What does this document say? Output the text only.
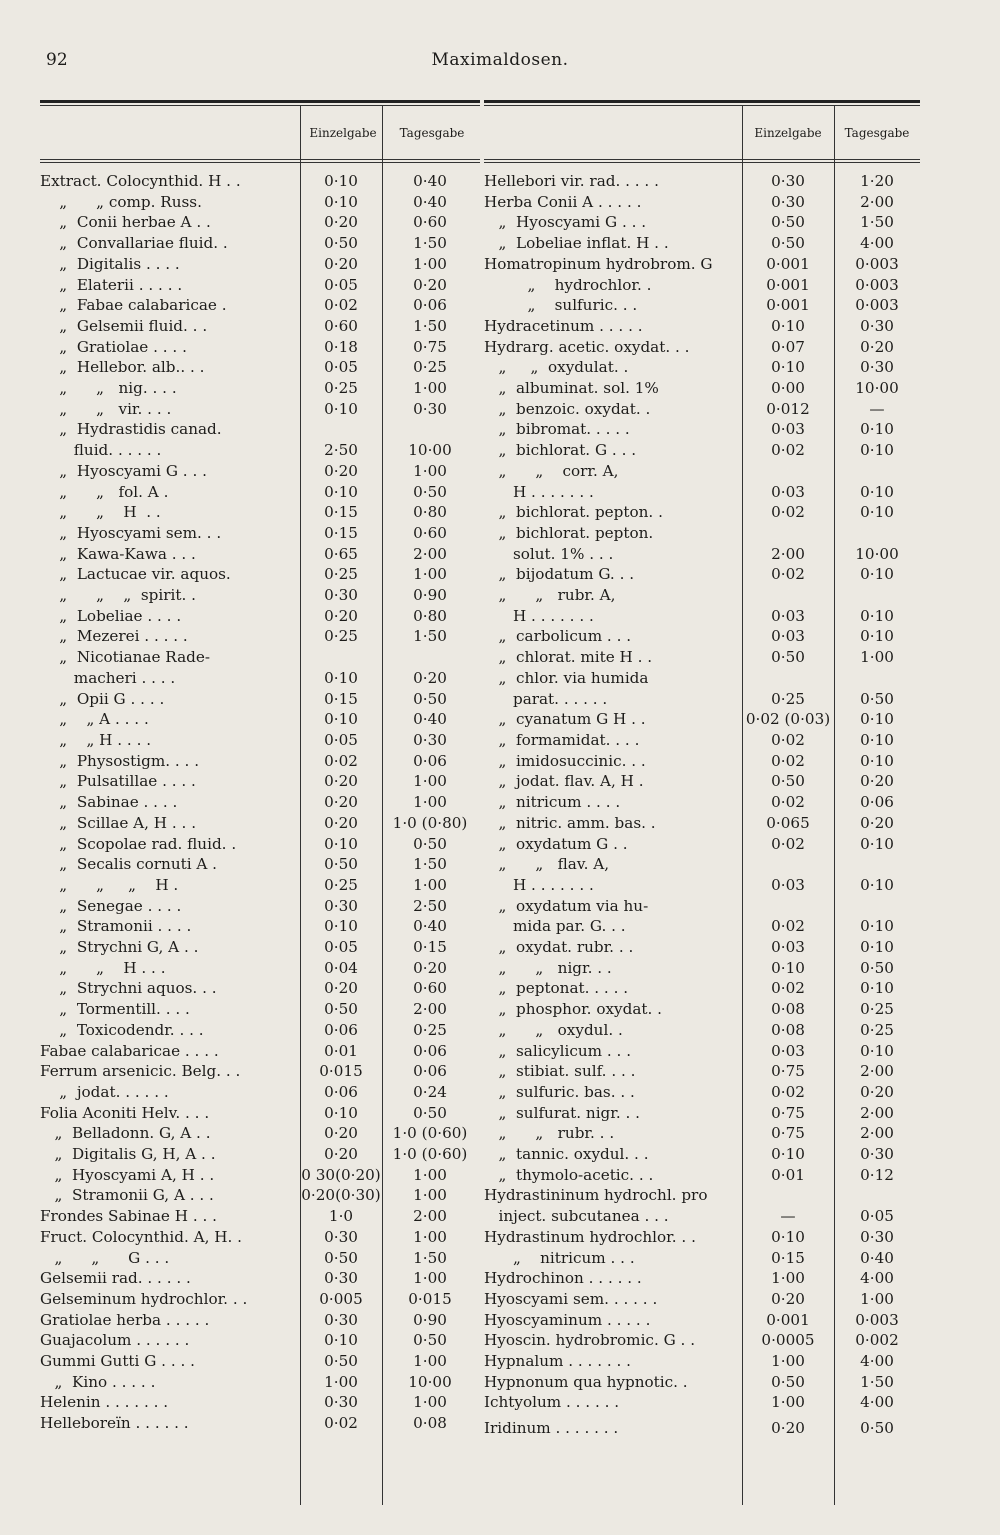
92	Maximaldosen.
Einzelgabe	Tagesgabe
Extract. Colocynthid. H . .	0·10	0·40
„      „ comp. Russ.	0·10	0·40
„  Conii herbae A . .	0·20	0·60
„  Convallariae fluid. .	0·50	1·50
„  Digitalis . . . .	0·20	1·00
„  Elaterii . . . . .	0·05	0·20
„  Fabae calabaricae .	0·02	0·06
„  Gelsemii fluid. . .	0·60	1·50
„  Gratiolae . . . .	0·18	0·75
„  Hellebor. alb.. . .	0·05	0·25
„      „   nig. . . .	0·25	1·00
„      „   vir. . . .	0·10	0·30
„  Hydrastidis canad.
fluid. . . . . .	2·50	10·00
„  Hyoscyami G . . .	0·20	1·00
„      „   fol. A .	0·10	0·50
„      „    H  . .	0·15	0·80
„  Hyoscyami sem. . .	0·15	0·60
„  Kawa-Kawa . . .	0·65	2·00
„  Lactucae vir. aquos.	0·25	1·00
„      „    „  spirit. .	0·30	0·90
„  Lobeliae . . . .	0·20	0·80
„  Mezerei . . . . .	0·25	1·50
„  Nicotianae Rade-
macheri . . . .	0·10	0·20
„  Opii G . . . .	0·15	0·50
„    „ A . . . .	0·10	0·40
„    „ H . . . .	0·05	0·30
„  Physostigm. . . .	0·02	0·06
„  Pulsatillae . . . .	0·20	1·00
„  Sabinae . . . .	0·20	1·00
„  Scillae A, H . . .	0·20	1·0 (0·80)
„  Scopolae rad. fluid. .	0·10	0·50
„  Secalis cornuti A .	0·50	1·50
„      „     „    H .	0·25	1·00
„  Senegae . . . .	0·30	2·50
„  Stramonii . . . .	0·10	0·40
„  Strychni G, A . .	0·05	0·15
„      „    H . . .	0·04	0·20
„  Strychni aquos. . .	0·20	0·60
„  Tormentill. . . .	0·50	2·00
„  Toxicodendr. . . .	0·06	0·25
Fabae calabaricae . . . .	0·01	0·06
Ferrum arsenicic. Belg. . .	0·015	0·06
„  jodat. . . . . .	0·06	0·24
Folia Aconiti Helv. . . .	0·10	0·50
„  Belladonn. G, A . .	0·20	1·0 (0·60)
„  Digitalis G, H, A . .	0·20	1·0 (0·60)
„  Hyoscyami A, H . .	0 30(0·20)	1·00
„  Stramonii G, A . . .	0·20(0·30)	1·00
Frondes Sabinae H . . .	1·0	2·00
Fruct. Colocynthid. A, H. .	0·30	1·00
„      „      G . . .	0·50	1·50
Gelsemii rad. . . . . .	0·30	1·00
Gelseminum hydrochlor. . .	0·005	0·015
Gratiolae herba . . . . .	0·30	0·90
Guajacolum . . . . . .	0·10	0·50
Gummi Gutti G . . . .	0·50	1·00
„  Kino . . . . .	1·00	10·00
Helenin . . . . . . .	0·30	1·00
Helleboreïn . . . . . .	0·02	0·08
Einzelgabe	Tagesgabe
Hellebori vir. rad. . . . .	0·30	1·20
Herba Conii A . . . . .	0·30	2·00
„  Hyoscyami G . . .	0·50	1·50
„  Lobeliae inflat. H . .	0·50	4·00
Homatropinum hydrobrom. G	0·001	0·003
„    hydrochlor. .	0·001	0·003
„    sulfuric. . .	0·001	0·003
Hydracetinum . . . . .	0·10	0·30
Hydrarg. acetic. oxydat. . .	0·07	0·20
„     „  oxydulat. .	0·10	0·30
„  albuminat. sol. 1%	0·00	10·00
„  benzoic. oxydat. .	0·012	—
„  bibromat. . . . .	0·03	0·10
„  bichlorat. G . . .	0·02	0·10
„      „    corr. A,
H . . . . . . .	0·03	0·10
„  bichlorat. pepton. .	0·02	0·10
„  bichlorat. pepton.
solut. 1% . . .	2·00	10·00
„  bijodatum G. . .	0·02	0·10
„      „   rubr. A,
H . . . . . . .	0·03	0·10
„  carbolicum . . .	0·03	0·10
„  chlorat. mite H . .	0·50	1·00
„  chlor. via humida
parat. . . . . .	0·25	0·50
„  cyanatum G H . .	0·02 (0·03)	0·10
„  formamidat. . . .	0·02	0·10
„  imidosuccinic. . .	0·02	0·10
„  jodat. flav. A, H .	0·50	0·20
„  nitricum . . . .	0·02	0·06
„  nitric. amm. bas. .	0·065	0·20
„  oxydatum G . .	0·02	0·10
„      „   flav. A,
H . . . . . . .	0·03	0·10
„  oxydatum via hu-
mida par. G. . .	0·02	0·10
„  oxydat. rubr. . .	0·03	0·10
„      „   nigr. . .	0·10	0·50
„  peptonat. . . . .	0·02	0·10
„  phosphor. oxydat. .	0·08	0·25
„      „   oxydul. .	0·08	0·25
„  salicylicum . . .	0·03	0·10
„  stibiat. sulf. . . .	0·75	2·00
„  sulfuric. bas. . .	0·02	0·20
„  sulfurat. nigr. . .	0·75	2·00
„      „   rubr. . .	0·75	2·00
„  tannic. oxydul. . .	0·10	0·30
„  thymolo-acetic. . .	0·01	0·12
Hydrastininum hydrochl. pro
inject. subcutanea . . .	—	0·05
Hydrastinum hydrochlor. . .	0·10	0·30
„    nitricum . . .	0·15	0·40
Hydrochinon . . . . . .	1·00	4·00
Hyoscyami sem. . . . . .	0·20	1·00
Hyoscyaminum . . . . .	0·001	0·003
Hyoscin. hydrobromic. G . .	0·0005	0·002
Hypnalum . . . . . . .	1·00	4·00
Hypnonum qua hypnotic. .	0·50	1·50
Ichtyolum . . . . . .	1·00	4·00
Iridinum . . . . . . .	0·20	0·50
